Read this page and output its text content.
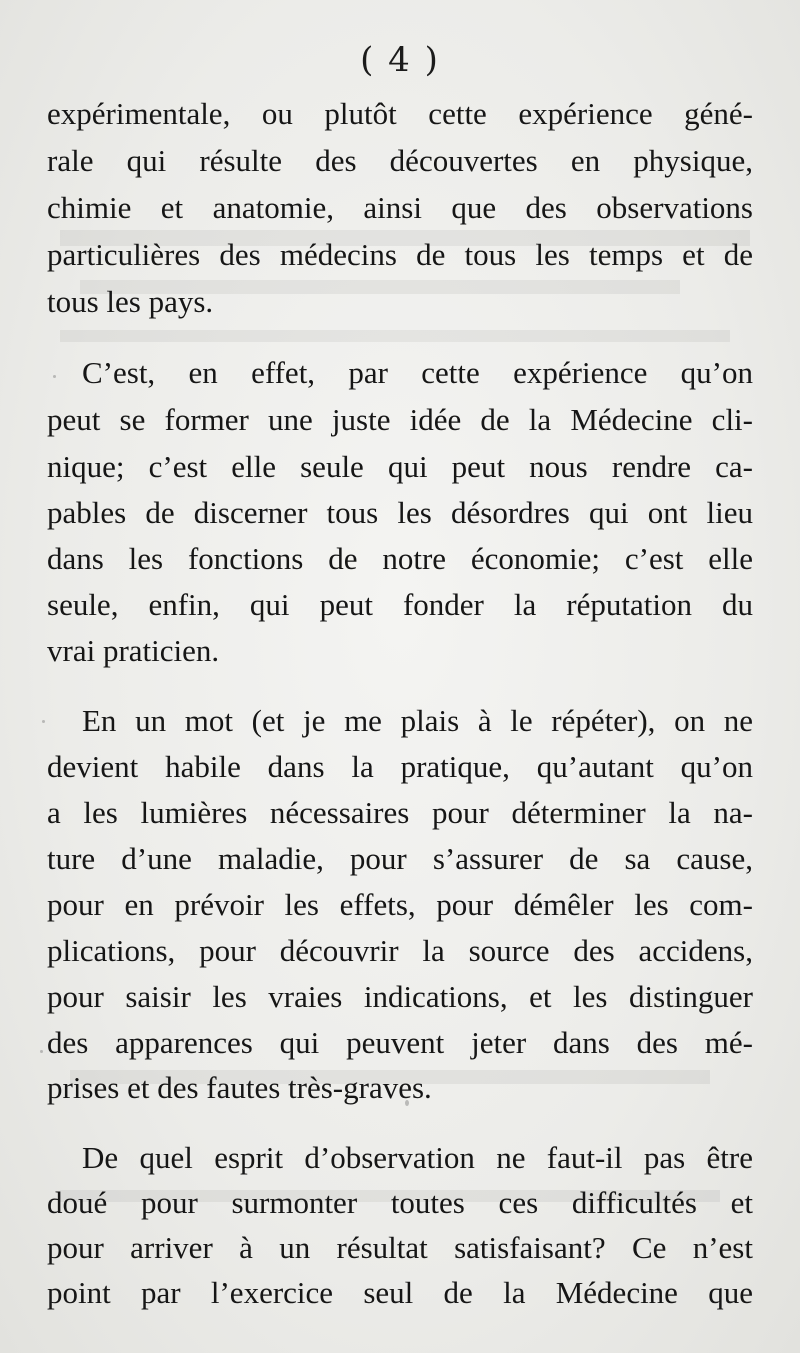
( 4 )
expérimentale, ou plutôt cette expérience géné-
rale qui résulte des découvertes en physique,
chimie et anatomie, ainsi que des observations
particulières des médecins de tous les temps et de
tous les pays.
C’est, en effet, par cette expérience qu’on
peut se former une juste idée de la Médecine cli-
nique; c’est elle seule qui peut nous rendre ca-
pables de discerner tous les désordres qui ont lieu
dans les fonctions de notre économie; c’est elle
seule, enfin, qui peut fonder la réputation du
vrai praticien.
En un mot (et je me plais à le répéter), on ne
devient habile dans la pratique, qu’autant qu’on
a les lumières nécessaires pour déterminer la na-
ture d’une maladie, pour s’assurer de sa cause,
pour en prévoir les effets, pour démêler les com-
plications, pour découvrir la source des accidens,
pour saisir les vraies indications, et les distinguer
des apparences qui peuvent jeter dans des mé-
prises et des fautes très-graves.
De quel esprit d’observation ne faut-il pas être
doué pour surmonter toutes ces difficultés et
pour arriver à un résultat satisfaisant? Ce n’est
point par l’exercice seul de la Médecine que
